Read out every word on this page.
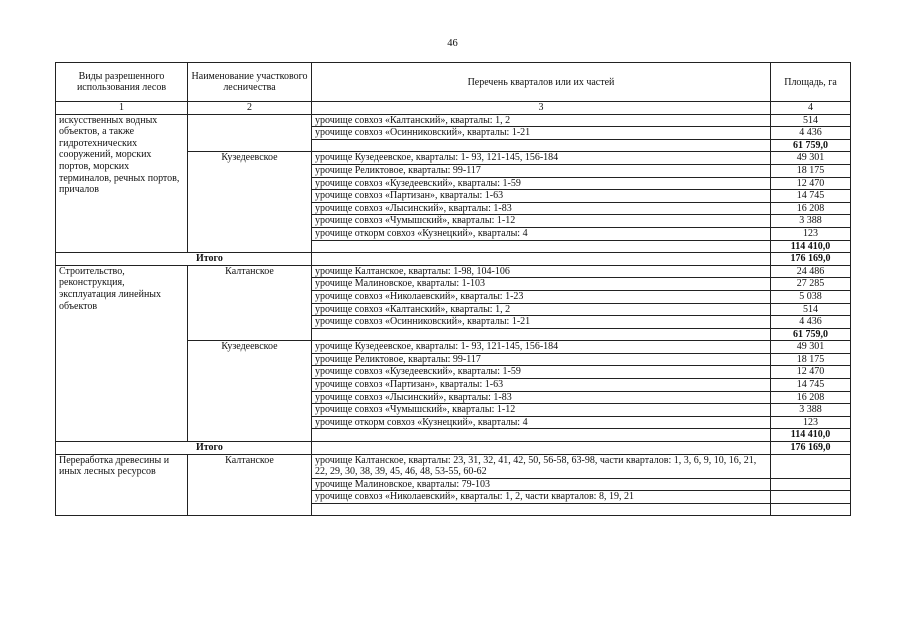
46
Виды разрешенного использования лесов	Наименование участкового лесничества	Перечень кварталов или их частей	Площадь, га
1	2	3	4
искусственных водных объектов, а также гидротехнических сооружений, морских портов, морских терминалов, речных портов, причалов		урочище совхоз «Калтанский», кварталы: 1, 2	514
		урочище совхоз «Осинниковский», кварталы: 1-21	4 436
			61 759,0
	Кузедеевское	урочище Кузедеевское, кварталы: 1- 93, 121-145, 156-184	49 301
		урочище Реликтовое, кварталы: 99-117	18 175
		урочище совхоз «Кузедеевский», кварталы: 1-59	12 470
		урочище совхоз «Партизан», кварталы: 1-63	14 745
		урочище совхоз «Лысинский», кварталы: 1-83	16 208
		урочище совхоз «Чумышский», кварталы: 1-12	3 388
		урочище откорм совхоз «Кузнецкий», кварталы: 4	123
			114 410,0
Итого			176 169,0
Строительство, реконструкция, эксплуатация линейных объектов	Калтанское	урочище Калтанское, кварталы: 1-98, 104-106	24 486
		урочище Малиновское, кварталы: 1-103	27 285
		урочище совхоз «Николаевский», кварталы: 1-23	5 038
		урочище совхоз «Калтанский», кварталы: 1, 2	514
		урочище совхоз «Осинниковский», кварталы: 1-21	4 436
			61 759,0
	Кузедеевское	урочище Кузедеевское, кварталы: 1- 93, 121-145, 156-184	49 301
		урочище Реликтовое, кварталы: 99-117	18 175
		урочище совхоз «Кузедеевский», кварталы: 1-59	12 470
		урочище совхоз «Партизан», кварталы: 1-63	14 745
		урочище совхоз «Лысинский», кварталы: 1-83	16 208
		урочище совхоз «Чумышский», кварталы: 1-12	3 388
		урочище откорм совхоз «Кузнецкий», кварталы: 4	123
			114 410,0
Итого			176 169,0
Переработка древесины и иных лесных ресурсов	Калтанское	урочище Калтанское, кварталы: 23, 31, 32, 41, 42, 50, 56-58, 63-98, части кварталов: 1, 3, 6, 9, 10, 16, 21, 22, 29, 30, 38, 39, 45, 46, 48, 53-55, 60-62	
		урочище Малиновское, кварталы: 79-103	
		урочище совхоз «Николаевский», кварталы: 1, 2, части кварталов: 8, 19, 21	
